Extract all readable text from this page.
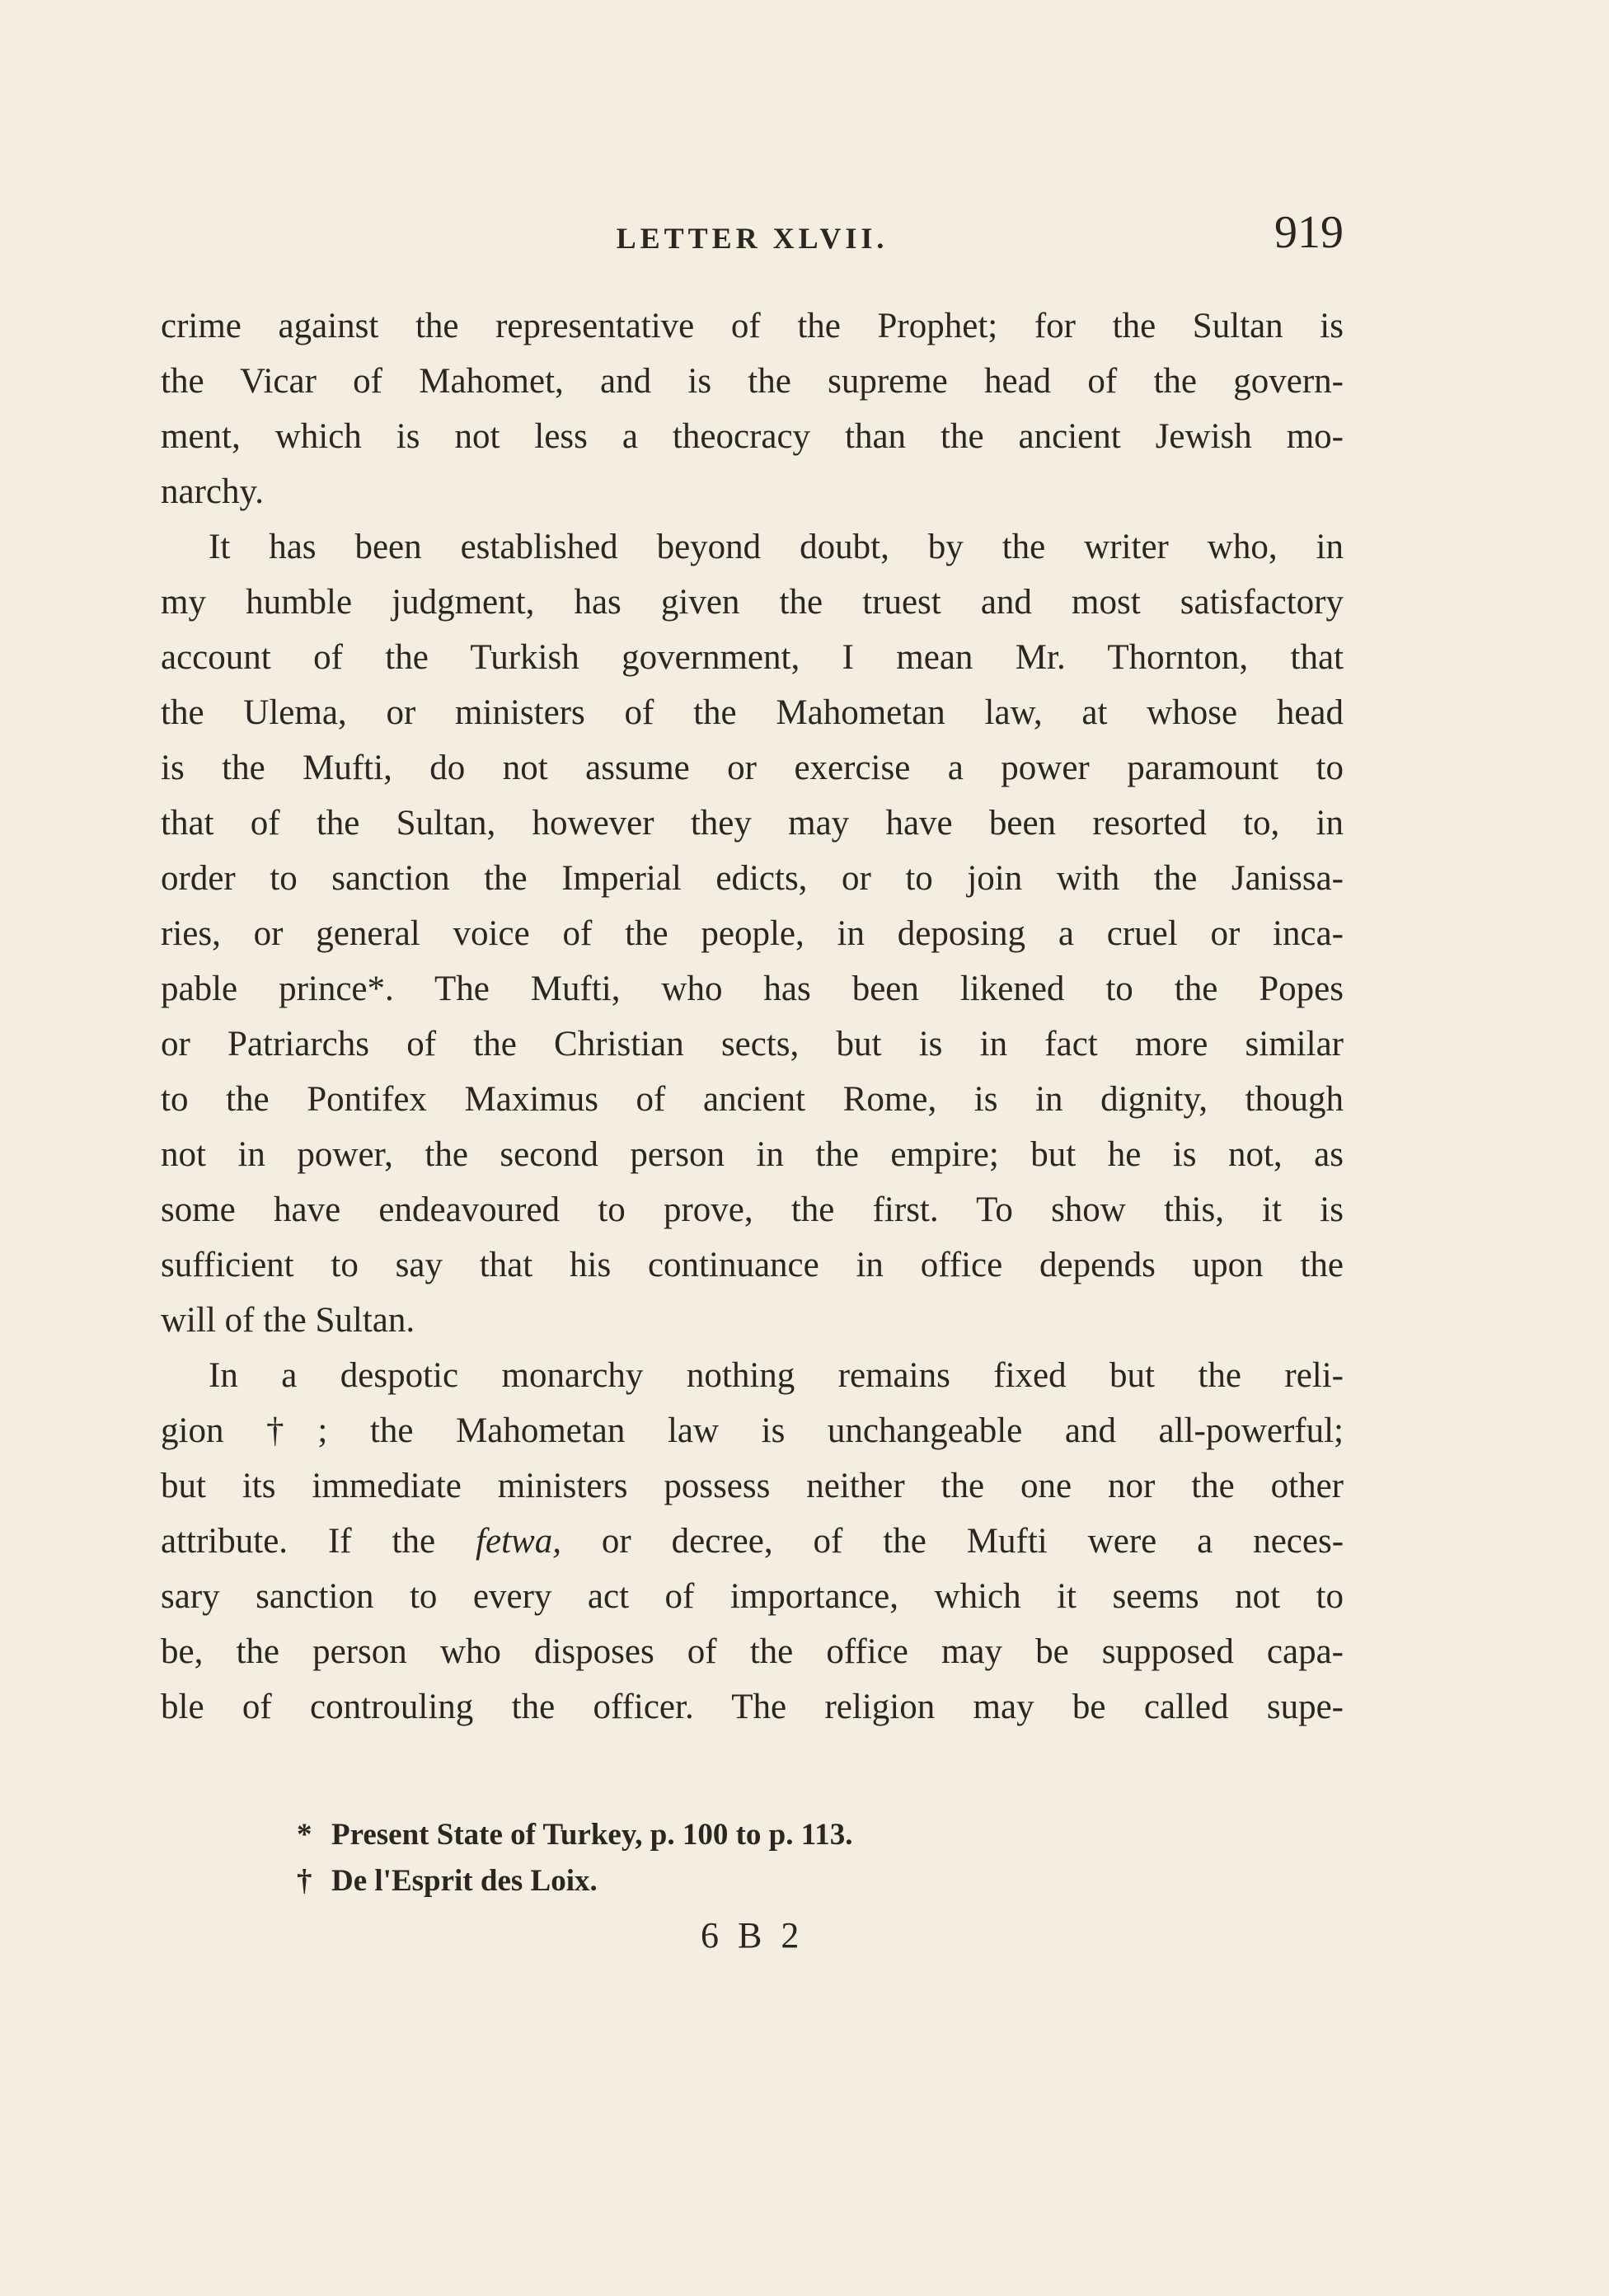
LETTER XLVII.	919
crime against the representative of the Prophet; for the Sultan is
the Vicar of Mahomet, and is the supreme head of the govern-
ment, which is not less a theocracy than the ancient Jewish mo-
narchy.
It has been established beyond doubt, by the writer who, in
my humble judgment, has given the truest and most satisfactory
account of the Turkish government, I mean Mr. Thornton, that
the Ulema, or ministers of the Mahometan law, at whose head
is the Mufti, do not assume or exercise a power paramount to
that of the Sultan, however they may have been resorted to, in
order to sanction the Imperial edicts, or to join with the Janissa-
ries, or general voice of the people, in deposing a cruel or inca-
pable prince*. The Mufti, who has been likened to the Popes
or Patriarchs of the Christian sects, but is in fact more similar
to the Pontifex Maximus of ancient Rome, is in dignity, though
not in power, the second person in the empire; but he is not, as
some have endeavoured to prove, the first. To show this, it is
sufficient to say that his continuance in office depends upon the
will of the Sultan.
In a despotic monarchy nothing remains fixed but the reli-
gion †; the Mahometan law is unchangeable and all-powerful;
but its immediate ministers possess neither the one nor the other
attribute. If the fetwa, or decree, of the Mufti were a neces-
sary sanction to every act of importance, which it seems not to
be, the person who disposes of the office may be supposed capa-
ble of controuling the officer. The religion may be called supe-
* Present State of Turkey, p. 100 to p. 113.
† De l'Esprit des Loix.
6 B 2
